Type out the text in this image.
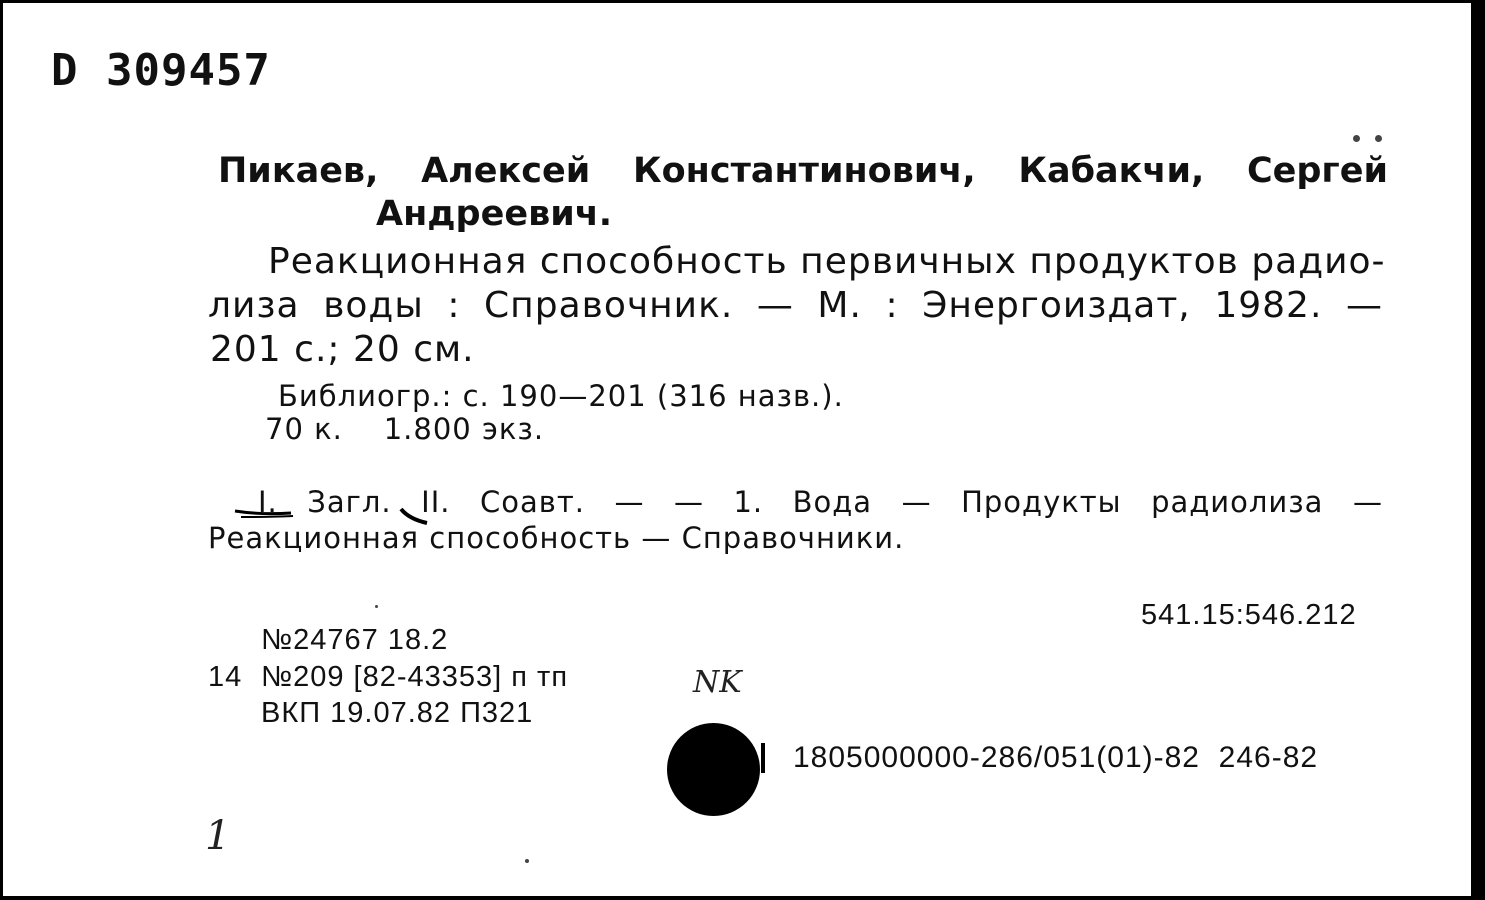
D 309457
Пикаев, Алексей Константинович, Кабакчи, Сергей
Андреевич.
Реакционная способность первичных продуктов радио-
лиза воды : Справочник. — М. : Энергоиздат, 1982. —
201 с.; 20 см.
Библиогр.: с. 190—201 (316 назв.).
70 к.    1.800 экз.
I. Загл. II. Соавт. — — 1. Вода — Продукты радиолиза —
Реакционная способность — Справочники.
541.15:546.212
№24767 18.2
14 №209 [82-43353] п тп
ВКП 19.07.82 П321
NK
1805000000-286/051(01)-82  246-82
1
